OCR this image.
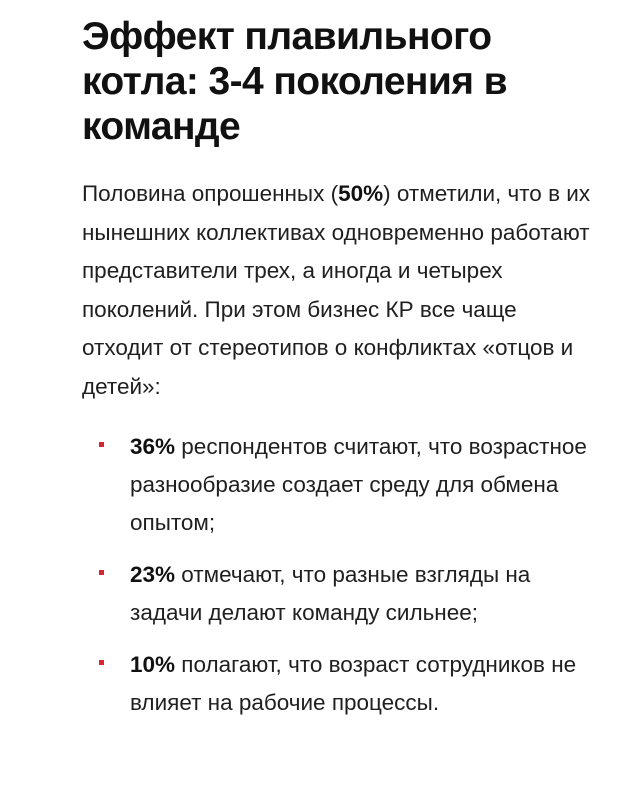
Эффект плавильного котла: 3-4 поколения в команде

Половина опрошенных (50%) отметили, что в их нынешних коллективах одновременно работают представители трех, а иногда и четырех поколений. При этом бизнес КР все чаще отходит от стереотипов о конфликтах «отцов и детей»:

36% респондентов считают, что возрастное разнообразие создает среду для обмена опытом;
23% отмечают, что разные взгляды на задачи делают команду сильнее;
10% полагают, что возраст сотрудников не влияет на рабочие процессы.
